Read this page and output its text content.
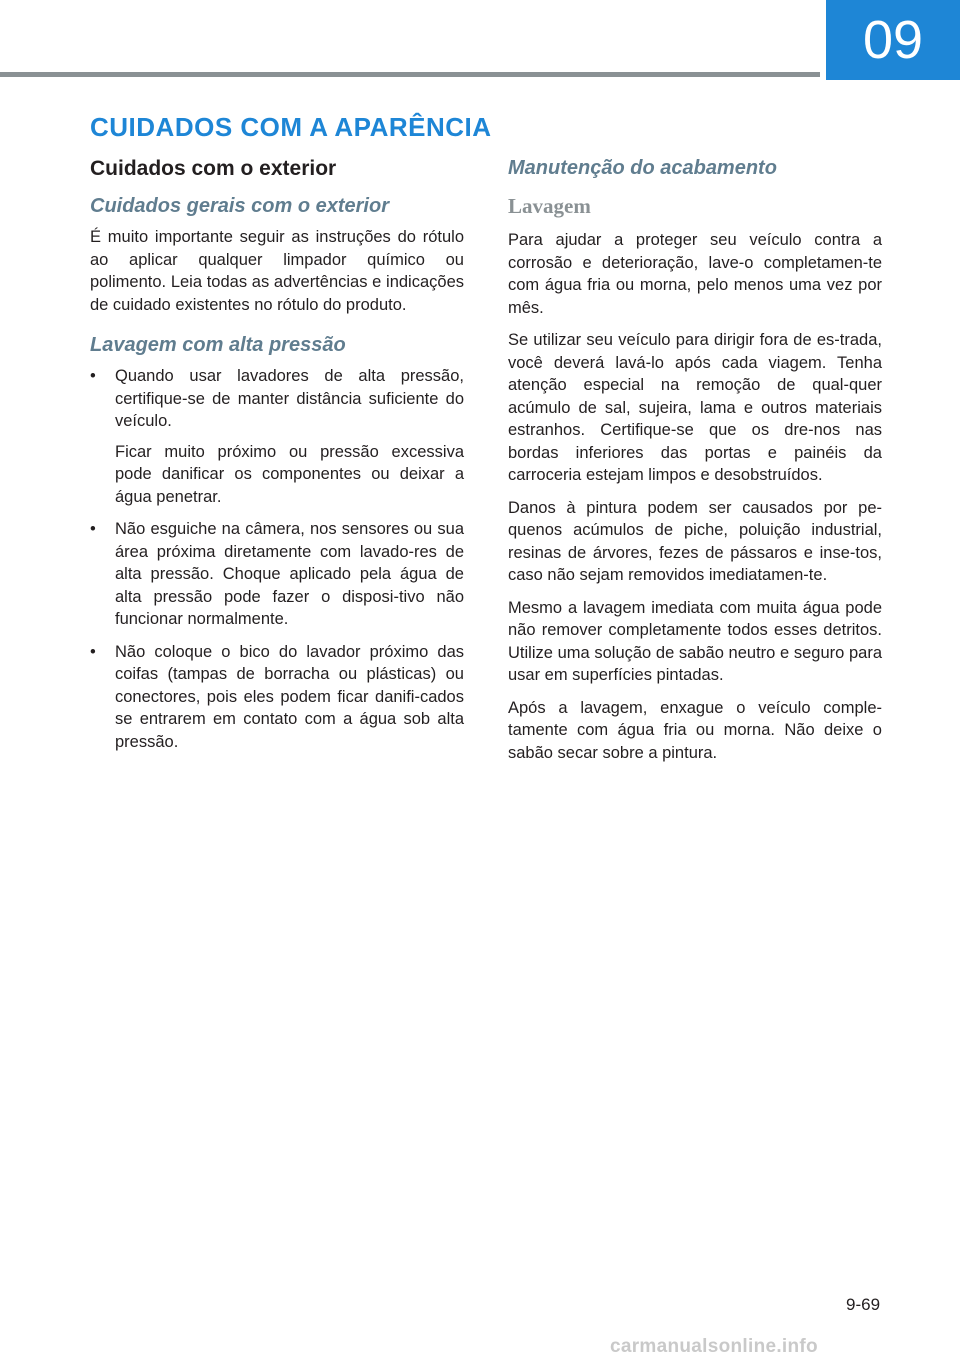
09
CUIDADOS COM A APARÊNCIA
Cuidados com o exterior
Cuidados gerais com o exterior

É muito importante seguir as instruções do rótulo ao aplicar qualquer limpador químico ou polimento. Leia todas as advertências e indicações de cuidado existentes no rótulo do produto.

Lavagem com alta pressão
• Quando usar lavadores de alta pressão, certifique-se de manter distância suficiente do veículo.

Ficar muito próximo ou pressão excessiva pode danificar os componentes ou deixar a água penetrar.

• Não esguiche na câmera, nos sensores ou sua área próxima diretamente com lavado-res de alta pressão. Choque aplicado pela água de alta pressão pode fazer o disposi-tivo não funcionar normalmente.

• Não coloque o bico do lavador próximo das coifas (tampas de borracha ou plásticas) ou conectores, pois eles podem ficar danifi-cados se entrarem em contato com a água sob alta pressão.

Manutenção do acabamento
Lavagem

Para ajudar a proteger seu veículo contra a corrosão e deterioração, lave-o completamen-te com água fria ou morna, pelo menos uma vez por mês.

Se utilizar seu veículo para dirigir fora de es-trada, você deverá lavá-lo após cada viagem. Tenha atenção especial na remoção de qual-quer acúmulo de sal, sujeira, lama e outros materiais estranhos. Certifique-se que os dre-nos nas bordas inferiores das portas e painéis da carroceria estejam limpos e desobstruídos.

Danos à pintura podem ser causados por pe-quenos acúmulos de piche, poluição industrial, resinas de árvores, fezes de pássaros e inse-tos, caso não sejam removidos imediatamen-te.

Mesmo a lavagem imediata com muita água pode não remover completamente todos esses detritos. Utilize uma solução de sabão neutro e seguro para usar em superfícies pintadas.

Após a lavagem, enxague o veículo comple-tamente com água fria ou morna. Não deixe o sabão secar sobre a pintura.

9-69
carmanualsonline.info
